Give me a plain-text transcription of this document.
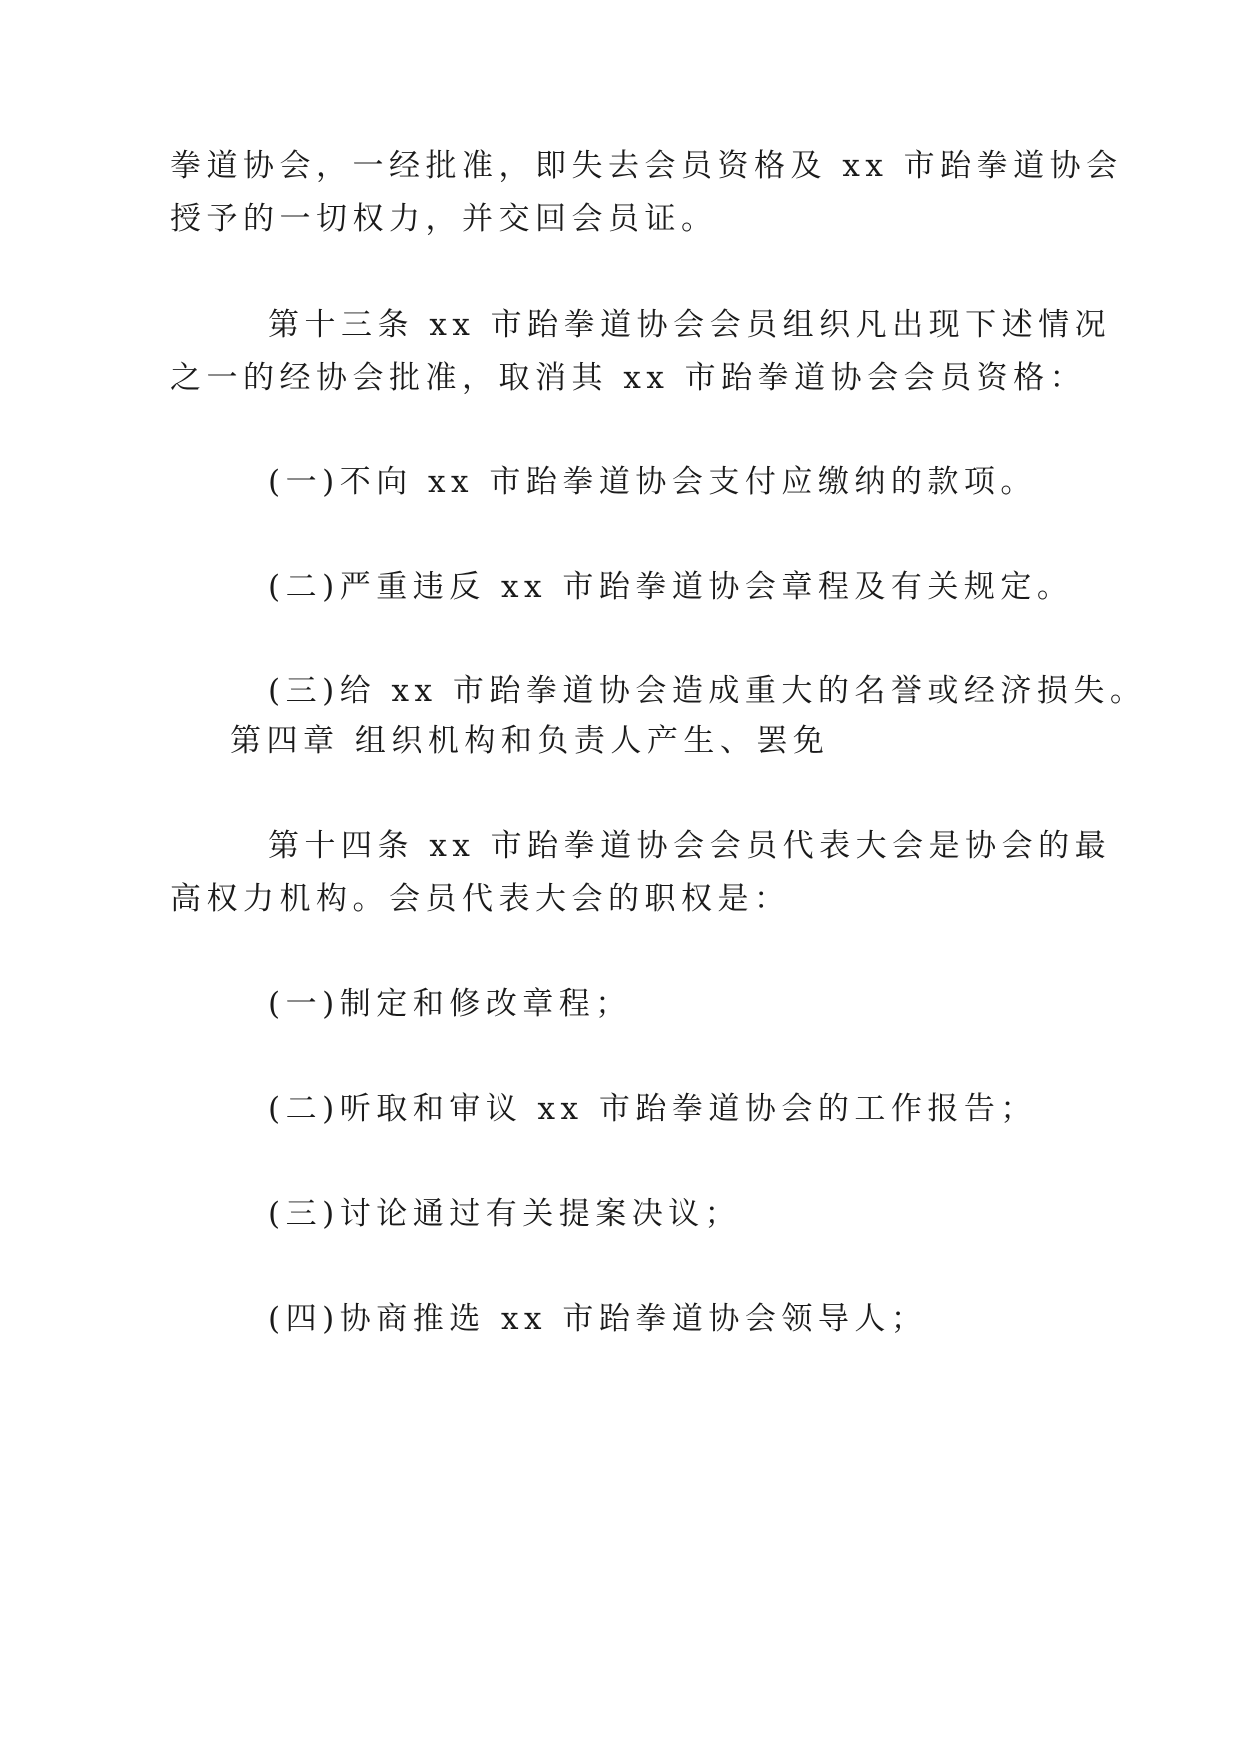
拳道协会，一经批准，即失去会员资格及 xx 市跆拳道协会
授予的一切权力，并交回会员证。
第十三条 xx 市跆拳道协会会员组织凡出现下述情况
之一的经协会批准，取消其 xx 市跆拳道协会会员资格：
(一)不向 xx 市跆拳道协会支付应缴纳的款项。
(二)严重违反 xx 市跆拳道协会章程及有关规定。
(三)给 xx 市跆拳道协会造成重大的名誉或经济损失。
第四章 组织机构和负责人产生、罢免
第十四条 xx 市跆拳道协会会员代表大会是协会的最
高权力机构。会员代表大会的职权是：
(一)制定和修改章程；
(二)听取和审议 xx 市跆拳道协会的工作报告；
(三)讨论通过有关提案决议；
(四)协商推选 xx 市跆拳道协会领导人；
